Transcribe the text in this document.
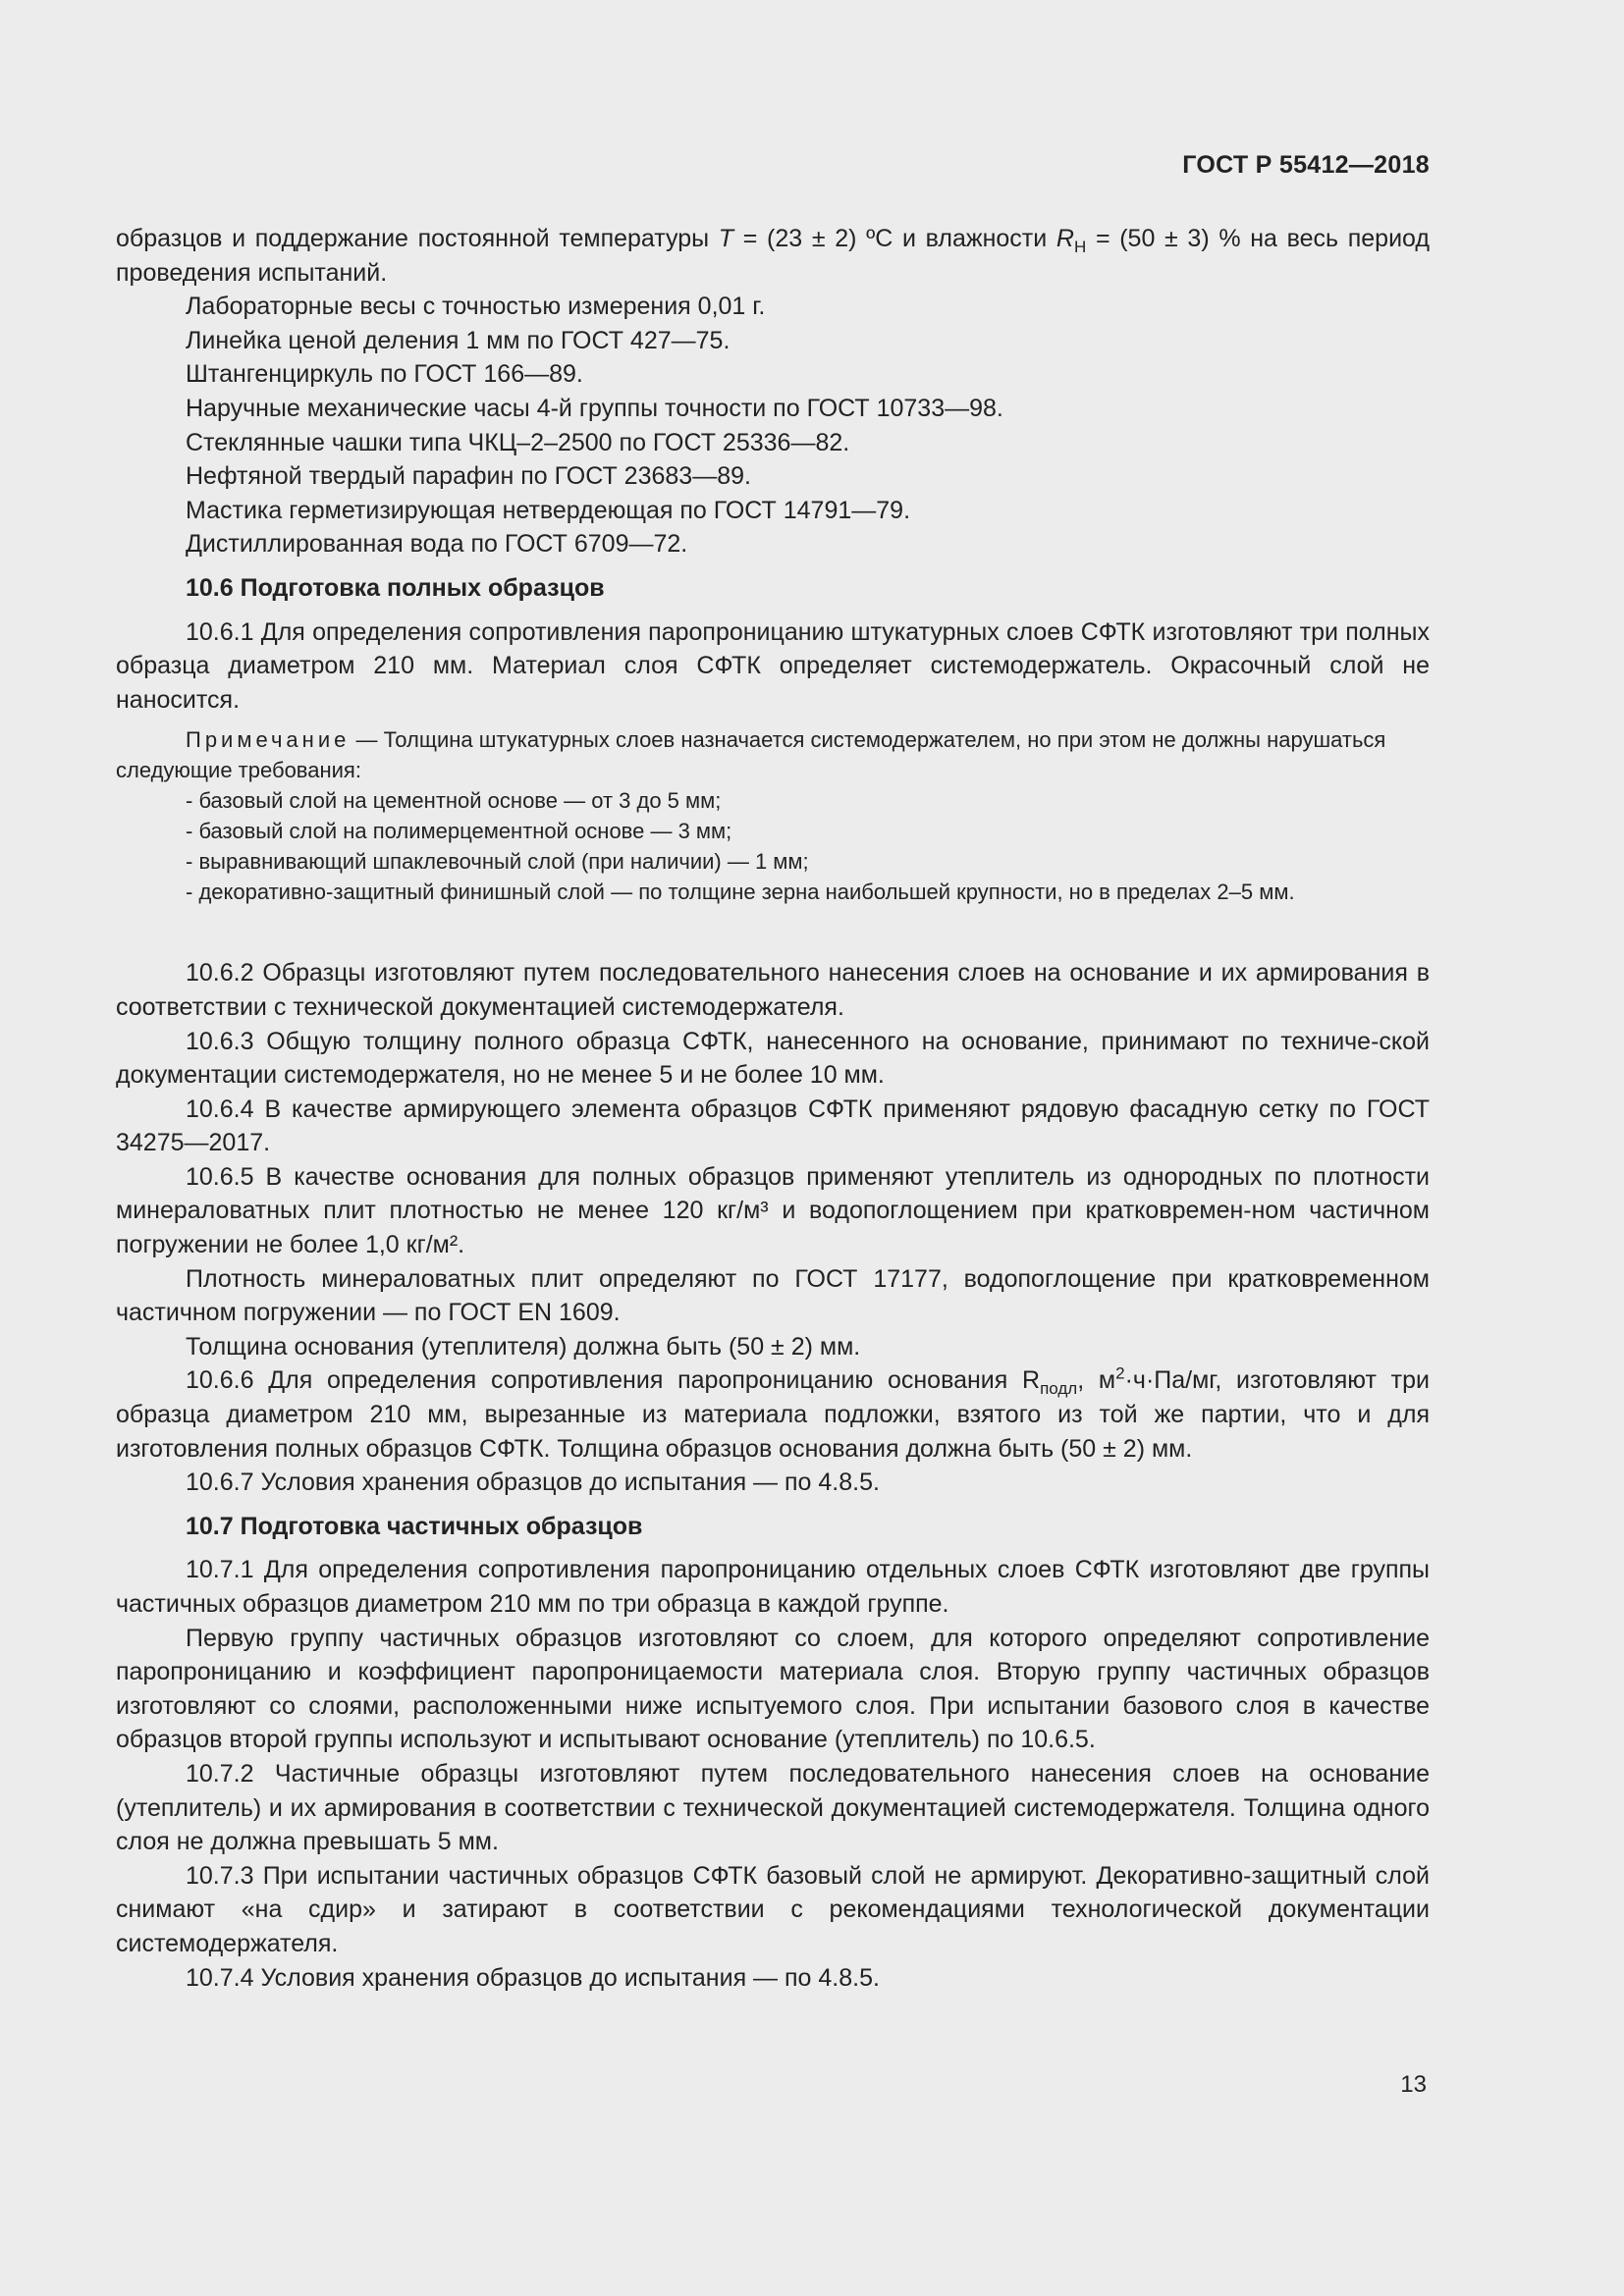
ГОСТ Р 55412—2018

образцов и поддержание постоянной температуры T = (23 ± 2) ºС и влажности $R_H = (50 \pm 3)$ % на весь период проведения испытаний.

Лабораторные весы с точностью измерения 0,01 г.

Линейка ценой деления 1 мм по ГОСТ 427—75.

Штангенциркуль по ГОСТ 166—89.

Наручные механические часы 4-й группы точности по ГОСТ 10733—98.

Стеклянные чашки типа ЧКЦ–2–2500 по ГОСТ 25336—82.

Нефтяной твердый парафин по ГОСТ 23683—89.

Мастика герметизирующая нетвердеющая по ГОСТ 14791—79.

Дистиллированная вода по ГОСТ 6709—72.

10.6 Подготовка полных образцов

10.6.1 Для определения сопротивления паропроницанию штукатурных слоев СФТК изготовляют три полных образца диаметром 210 мм. Материал слоя СФТК определяет системодержатель. Окрасочный слой не наносится.

Примечание — Толщина штукатурных слоев назначается системодержателем, но при этом не должны нарушаться следующие требования:

- базовый слой на цементной основе — от 3 до 5 мм;

- базовый слой на полимерцементной основе — 3 мм;

- выравнивающий шпаклевочный слой (при наличии) — 1 мм;

- декоративно-защитный финишный слой — по толщине зерна наибольшей крупности, но в пределах 2–5 мм.

10.6.2 Образцы изготовляют путем последовательного нанесения слоев на основание и их армирования в соответствии с технической документацией системодержателя.

10.6.3 Общую толщину полного образца СФТК, нанесенного на основание, принимают по техниче-ской документации системодержателя, но не менее 5 и не более 10 мм.

10.6.4 В качестве армирующего элемента образцов СФТК применяют рядовую фасадную сетку по ГОСТ 34275—2017.

10.6.5 В качестве основания для полных образцов применяют утеплитель из однородных по плотности минераловатных плит плотностью не менее 120 кг/м³ и водопоглощением при кратковремен-ном частичном погружении не более 1,0 кг/м².

Плотность минераловатных плит определяют по ГОСТ 17177, водопоглощение при кратковременном частичном погружении — по ГОСТ EN 1609.

Толщина основания (утеплителя) должна быть (50 ± 2) мм.

10.6.6 Для определения сопротивления паропроницанию основания $R_{подл}$, $м^2\cdot ч\cdot Па/мг$, изготовляют три образца диаметром 210 мм, вырезанные из материала подложки, взятого из той же партии, что и для изготовления полных образцов СФТК. Толщина образцов основания должна быть (50 ± 2) мм.

10.6.7 Условия хранения образцов до испытания — по 4.8.5.

10.7 Подготовка частичных образцов

10.7.1 Для определения сопротивления паропроницанию отдельных слоев СФТК изготовляют две группы частичных образцов диаметром 210 мм по три образца в каждой группе.

Первую группу частичных образцов изготовляют со слоем, для которого определяют сопротивление паропроницанию и коэффициент паропроницаемости материала слоя. Вторую группу частичных образцов изготовляют со слоями, расположенными ниже испытуемого слоя. При испытании базового слоя в качестве образцов второй группы используют и испытывают основание (утеплитель) по 10.6.5.

10.7.2 Частичные образцы изготовляют путем последовательного нанесения слоев на основание (утеплитель) и их армирования в соответствии с технической документацией системодержателя. Толщина одного слоя не должна превышать 5 мм.

10.7.3 При испытании частичных образцов СФТК базовый слой не армируют. Декоративно-защитный слой снимают «на сдир» и затирают в соответствии с рекомендациями технологической документации системодержателя.

10.7.4 Условия хранения образцов до испытания — по 4.8.5.

13
